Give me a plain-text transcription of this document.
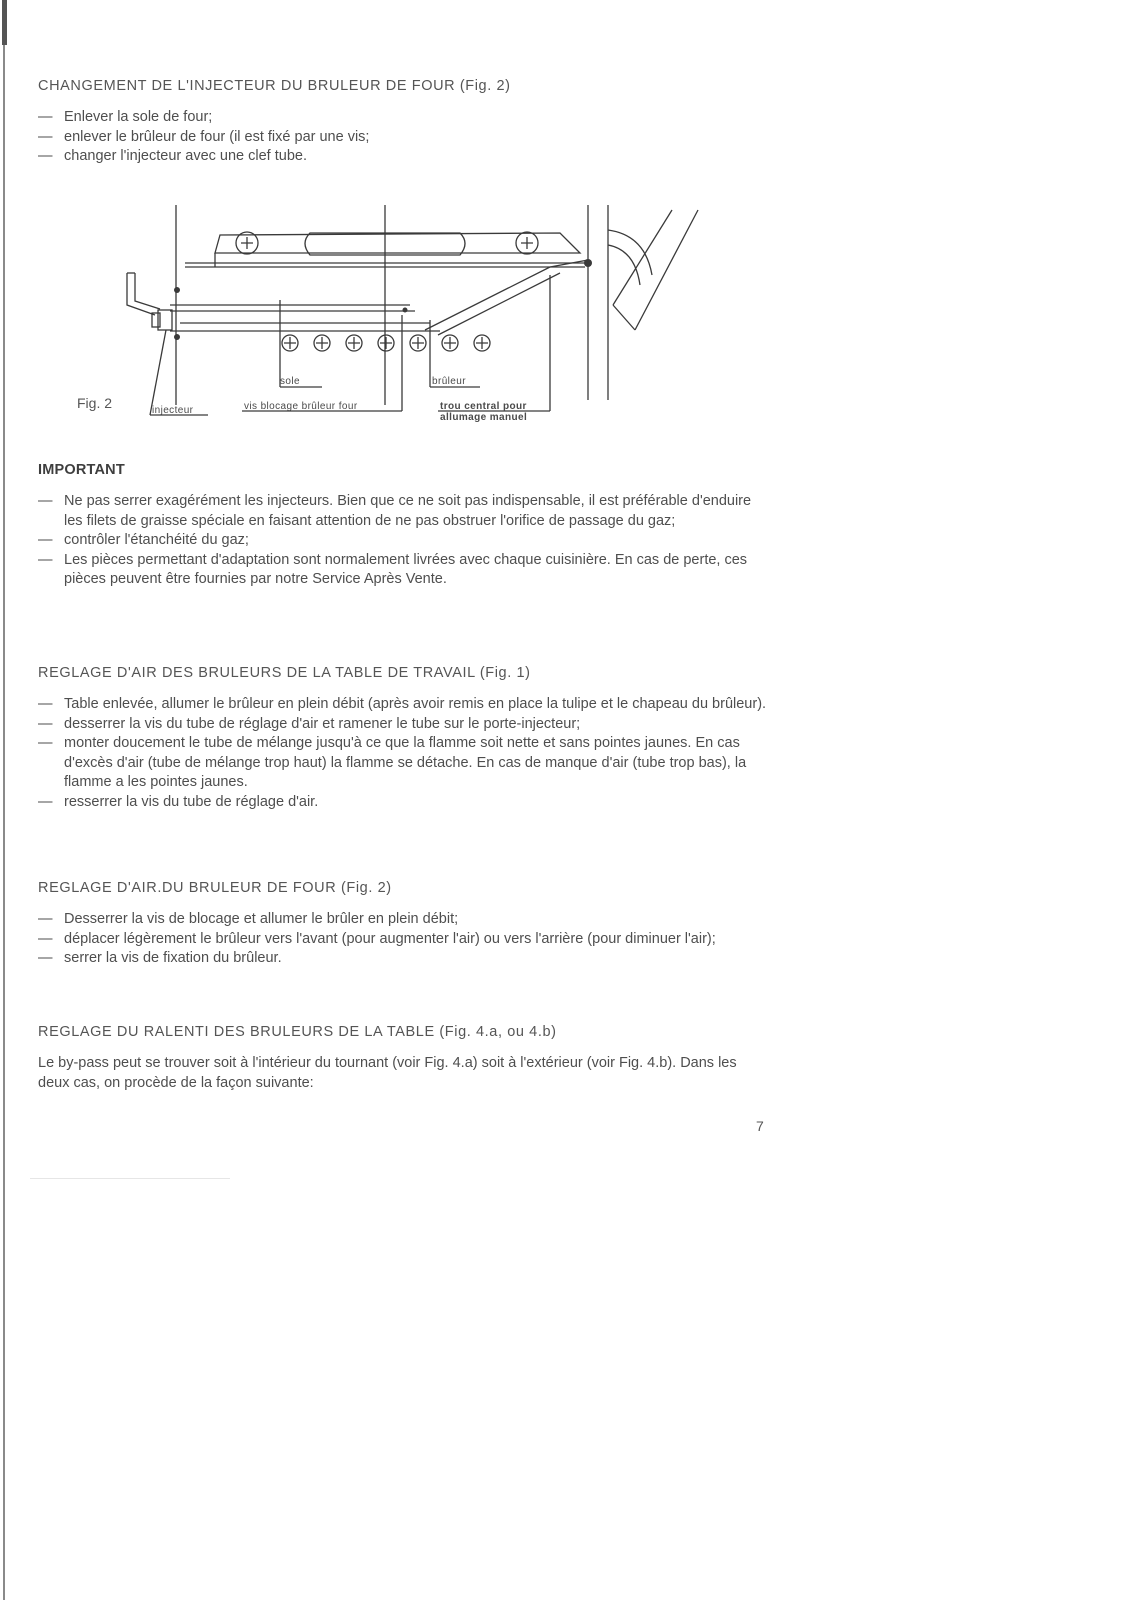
CHANGEMENT DE L'INJECTEUR DU BRULEUR DE FOUR (Fig. 2)
— Enlever la sole de four;
— enlever le brûleur de four (il est fixé par une vis;
— changer l'injecteur avec une clef tube.
Fig. 2
sole	brûleur
injecteur	vis blocage brûleur four	trou central pour
allumage manuel
IMPORTANT
— Ne pas serrer exagérément les injecteurs. Bien que ce ne soit pas indispensable, il est préférable d'enduire les filets de graisse spéciale en faisant attention de ne pas obstruer l'orifice de passage du gaz;
— contrôler l'étanchéité du gaz;
— Les pièces permettant d'adaptation sont normalement livrées avec chaque cuisinière. En cas de perte, ces pièces peuvent être fournies par notre Service Après Vente.
REGLAGE D'AIR DES BRULEURS DE LA TABLE DE TRAVAIL (Fig. 1)
— Table enlevée, allumer le brûleur en plein débit (après avoir remis en place la tulipe et le chapeau du brûleur).
— desserrer la vis du tube de réglage d'air et ramener le tube sur le porte-injecteur;
— monter doucement le tube de mélange jusqu'à ce que la flamme soit nette et sans pointes jaunes. En cas d'excès d'air (tube de mélange trop haut) la flamme se détache. En cas de manque d'air (tube trop bas), la flamme a les pointes jaunes.
— resserrer la vis du tube de réglage d'air.
REGLAGE D'AIR.DU BRULEUR DE FOUR (Fig. 2)
— Desserrer la vis de blocage et allumer le brûler en plein débit;
— déplacer légèrement le brûleur vers l'avant (pour augmenter l'air) ou vers l'arrière (pour diminuer l'air);
— serrer la vis de fixation du brûleur.
REGLAGE DU RALENTI DES BRULEURS DE LA TABLE (Fig. 4.a, ou 4.b)

Le by-pass peut se trouver soit à l'intérieur du tournant (voir Fig. 4.a) soit à l'extérieur (voir Fig. 4.b). Dans les deux cas, on procède de la façon suivante:

7
